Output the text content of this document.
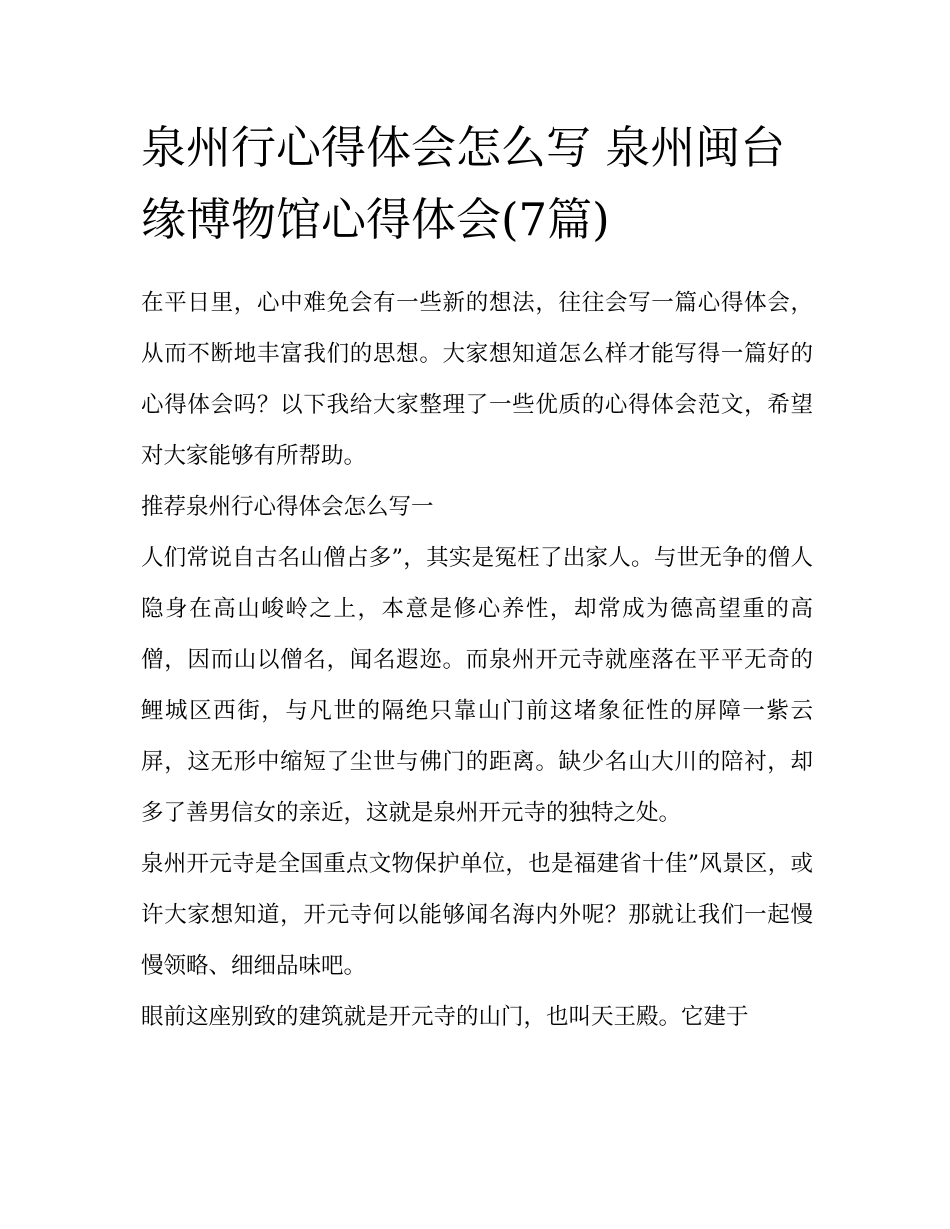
泉州行心得体会怎么写 泉州闽台缘博物馆心得体会(7篇)

在平日里，心中难免会有一些新的想法，往往会写一篇心得体会，从而不断地丰富我们的思想。大家想知道怎么样才能写得一篇好的心得体会吗？以下我给大家整理了一些优质的心得体会范文，希望对大家能够有所帮助。

推荐泉州行心得体会怎么写一

人们常说自古名山僧占多”，其实是冤枉了出家人。与世无争的僧人隐身在高山峻岭之上，本意是修心养性，却常成为德高望重的高僧，因而山以僧名，闻名遐迩。而泉州开元寺就座落在平平无奇的鲤城区西街，与凡世的隔绝只靠山门前这堵象征性的屏障一紫云屏，这无形中缩短了尘世与佛门的距离。缺少名山大川的陪衬，却多了善男信女的亲近，这就是泉州开元寺的独特之处。

泉州开元寺是全国重点文物保护单位，也是福建省十佳”风景区，或许大家想知道，开元寺何以能够闻名海内外呢？那就让我们一起慢慢领略、细细品味吧。

眼前这座别致的建筑就是开元寺的山门，也叫天王殿。它建于
